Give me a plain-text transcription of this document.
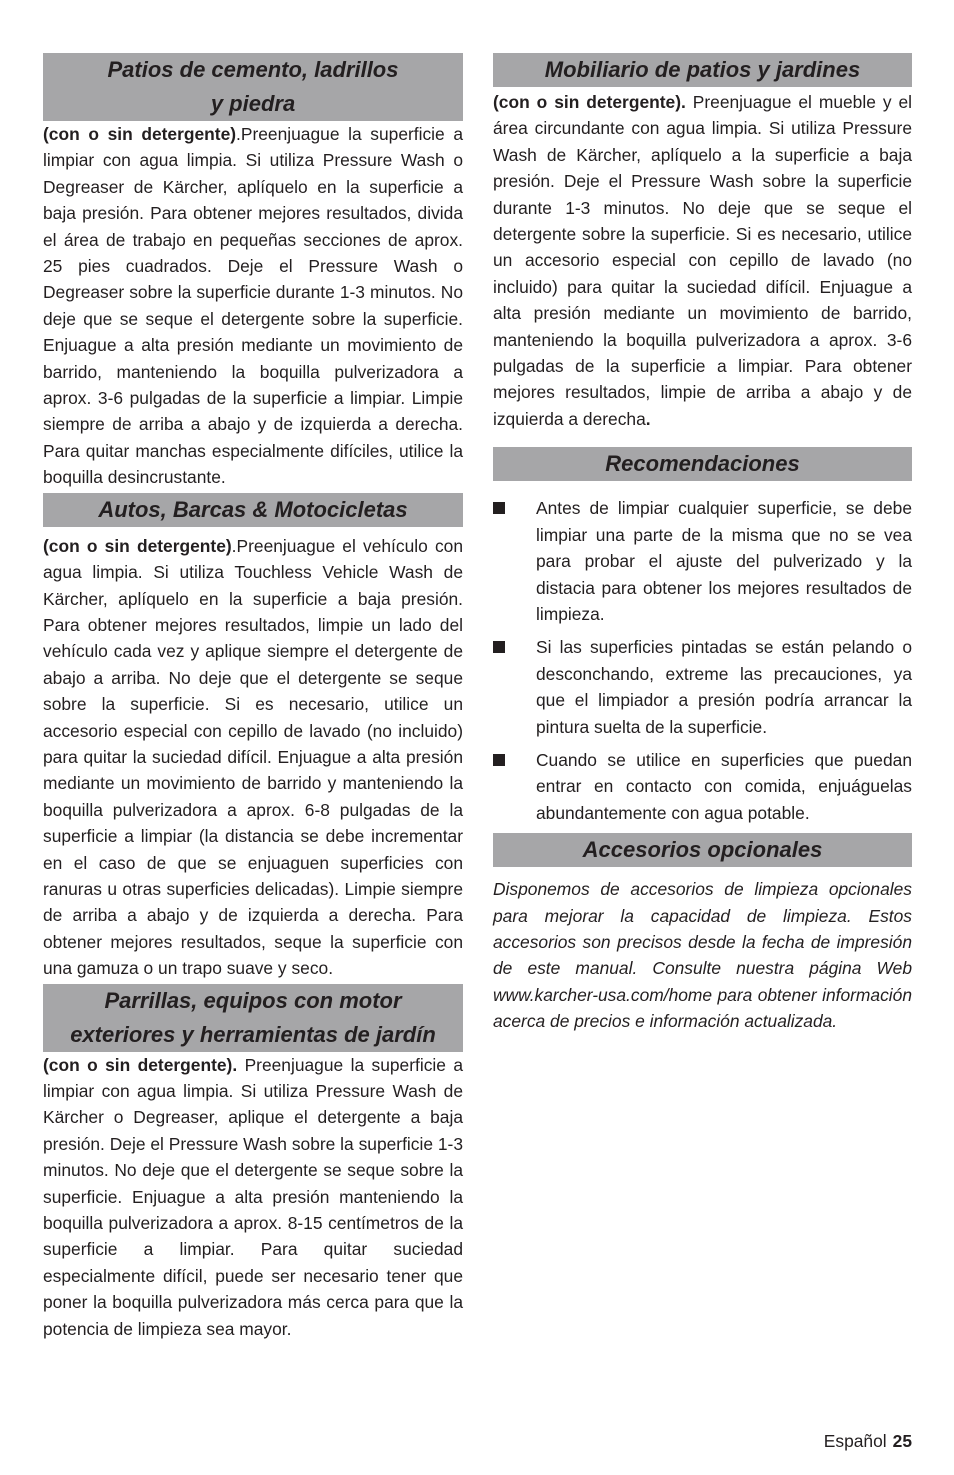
Patios de cemento, ladrillos
y piedra

(con o sin detergente).Preenjuague la superficie a limpiar con agua limpia. Si utiliza Pressure Wash o Degreaser de Kärcher, aplíquelo en la superficie a baja presión. Para obtener mejores resultados, divida el área de trabajo en pequeñas secciones de aprox. 25 pies cuadrados. Deje el Pressure Wash o Degreaser sobre la superficie durante 1-3 minutos. No deje que se seque el detergente sobre la superficie. Enjuague a alta presión mediante un movimiento de barrido, manteniendo la boquilla pulverizadora a aprox. 3-6 pulgadas de la superficie a limpiar. Limpie siempre de arriba a abajo y de izquierda a derecha. Para quitar manchas especialmente difíciles, utilice la boquilla desincrustante.

Autos, Barcas & Motocicletas

(con o sin detergente).Preenjuague el vehículo con agua limpia. Si utiliza Touchless Vehicle Wash de Kärcher, aplíquelo en la superficie a baja presión. Para obtener mejores resultados, limpie un lado del vehículo cada vez y aplique siempre el detergente de abajo a arriba. No deje que el detergente se seque sobre la superficie. Si es necesario, utilice un accesorio especial con cepillo de lavado (no incluido) para quitar la suciedad difícil. Enjuague a alta presión mediante un movimiento de barrido y manteniendo la boquilla pulverizadora a aprox. 6-8 pulgadas de la superficie a limpiar (la distancia se debe incrementar en el caso de que se enjuaguen superficies con ranuras u otras superficies delicadas). Limpie siempre de arriba a abajo y de izquierda a derecha. Para obtener mejores resultados, seque la superficie con una gamuza o un trapo suave y seco.

Parrillas, equipos con motor
exteriores y herramientas de jardín

(con o sin detergente). Preenjuague la superficie a limpiar con agua limpia. Si utiliza Pressure Wash de Kärcher o Degreaser, aplique el detergente a baja presión. Deje el Pressure Wash sobre la superficie 1-3 minutos. No deje que el detergente se seque sobre la superficie. Enjuague a alta presión manteniendo la boquilla pulverizadora a aprox. 8-15 centímetros de la superficie a limpiar. Para quitar suciedad especialmente difícil, puede ser necesario tener que poner la boquilla pulverizadora más cerca para que la potencia de limpieza sea mayor.

Mobiliario de patios y jardines

(con o sin detergente). Preenjuague el mueble y el área circundante con agua limpia. Si utiliza Pressure Wash de Kärcher, aplíquelo a la superficie a baja presión. Deje el Pressure Wash sobre la superficie durante 1-3 minutos. No deje que se seque el detergente sobre la superficie. Si es necesario, utilice un accesorio especial con cepillo de lavado (no incluido) para quitar la suciedad difícil. Enjuague a alta presión mediante un movimiento de barrido, manteniendo la boquilla pulverizadora a aprox. 3-6 pulgadas de la superficie a limpiar. Para obtener mejores resultados, limpie de arriba a abajo y de izquierda a derecha.

Recomendaciones
Antes de limpiar cualquier superficie, se debe limpiar una parte de la misma que no se vea para probar el ajuste del pulverizado y la distacia para obtener los mejores resultados de limpieza.
Si las superficies pintadas se están pelando o desconchando, extreme las precauciones, ya que el limpiador a presión podría arrancar la pintura suelta de la superficie.
Cuando se utilice en superficies que puedan entrar en contacto con comida, enjuáguelas abundantemente con agua potable.
Accesorios opcionales

Disponemos de accesorios de limpieza opcionales para mejorar la capacidad de limpieza. Estos accesorios son precisos desde la fecha de impresión de este manual. Consulte nuestra página Web www.karcher-usa.com/home para obtener información acerca de precios e información actualizada.

Español 25
